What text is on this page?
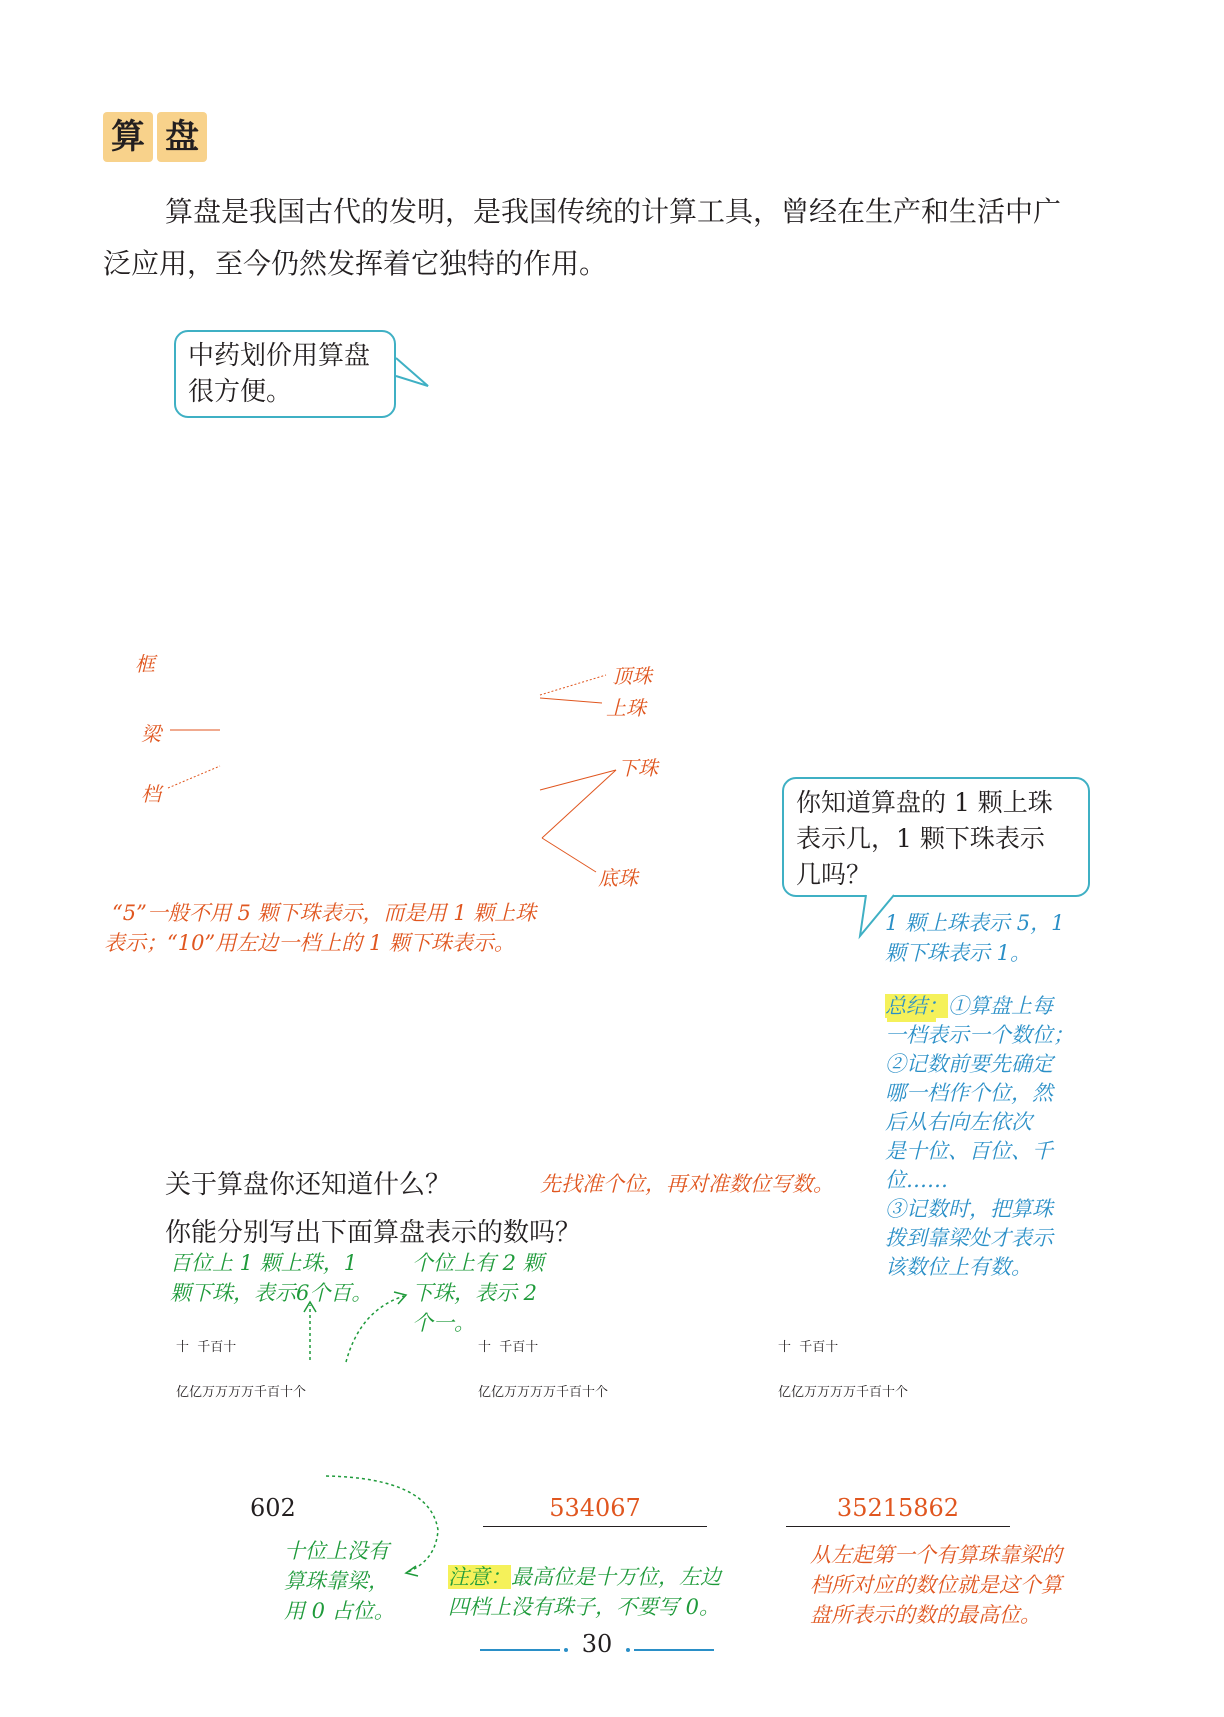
算 盘
算盘是我国古代的发明，是我国传统的计算工具，曾经在生产和生活中广
泛应用，至今仍然发挥着它独特的作用。
中药划价用算盘
很方便。
框
梁
档
顶珠
上珠
下珠
底珠
“5”一般不用 5 颗下珠表示，而是用 1 颗上珠
表示；“10”用左边一档上的 1 颗下珠表示。
你知道算盘的 1 颗上珠
表示几，1 颗下珠表示
几吗？
1 颗上珠表示 5，1
颗下珠表示 1。
总结：①算盘上每
一档表示一个数位；
②记数前要先确定
哪一档作个位，然
后从右向左依次
是十位、百位、千
位……
③记数时，把算珠
拨到靠梁处才表示
该数位上有数。
关于算盘你还知道什么？	先找准个位，再对准数位写数。
你能分别写出下面算盘表示的数吗？
百位上 1 颗上珠，1
颗下珠，表示6个百。
个位上有 2 颗
下珠，表示 2
个一。

十  千百十

亿亿万万万万千百十个

十  千百十

亿亿万万万万千百十个

十  千百十

亿亿万万万万千百十个

602	534067	35215862
十位上没有
算珠靠梁，
用 0 占位。
注意：最高位是十万位，左边
四档上没有珠子，不要写 0。
从左起第一个有算珠靠梁的
档所对应的数位就是这个算
盘所表示的数的最高位。
30
